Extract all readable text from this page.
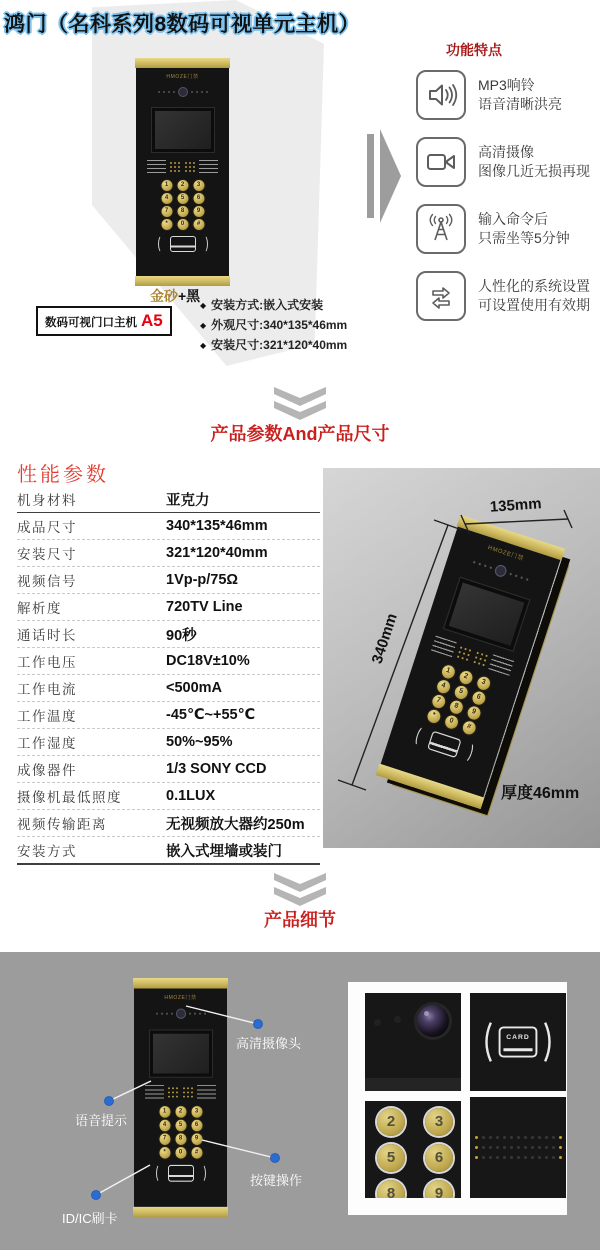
鸿门（名科系列8数码可视单元主机）
HMOZE门禁
1	2	3
4	5	6
7	8	9
*	0	#
金砂+黑
数码可视门口主机 A5
◆ 安装方式:嵌入式安装
◆ 外观尺寸:340*135*46mm
◆ 安装尺寸:321*120*40mm
功能特点
MP3响铃
语音清晰洪亮
高清摄像
图像几近无损再现
输入命令后
只需坐等5分钟
人性化的系统设置
可设置使用有效期
产品参数And产品尺寸
性能参数
机身材料	亚克力
成品尺寸	340*135*46mm
安装尺寸	321*120*40mm
视频信号	1Vp-p/75Ω
解析度	720TV Line
通话时长	90秒
工作电压	DC18V±10%
工作电流	<500mA
工作温度	-45℃~+55℃
工作湿度	50%~95%
成像器件	1/3 SONY CCD
摄像机最低照度	0.1LUX
视频传输距离	无视频放大器约250m
安装方式	嵌入式埋墙或装门
HMOZE门禁
1
2
3
4
5
6
7
8
9
*
0
#
135mm
340mm
厚度46mm
产品细节
HMOZE门禁
1	2	3
4	5	6
7	8	9
*	0	#
高清摄像头
语音提示
按键操作
ID/IC刷卡
CARD
2	3
5	6
8	9
